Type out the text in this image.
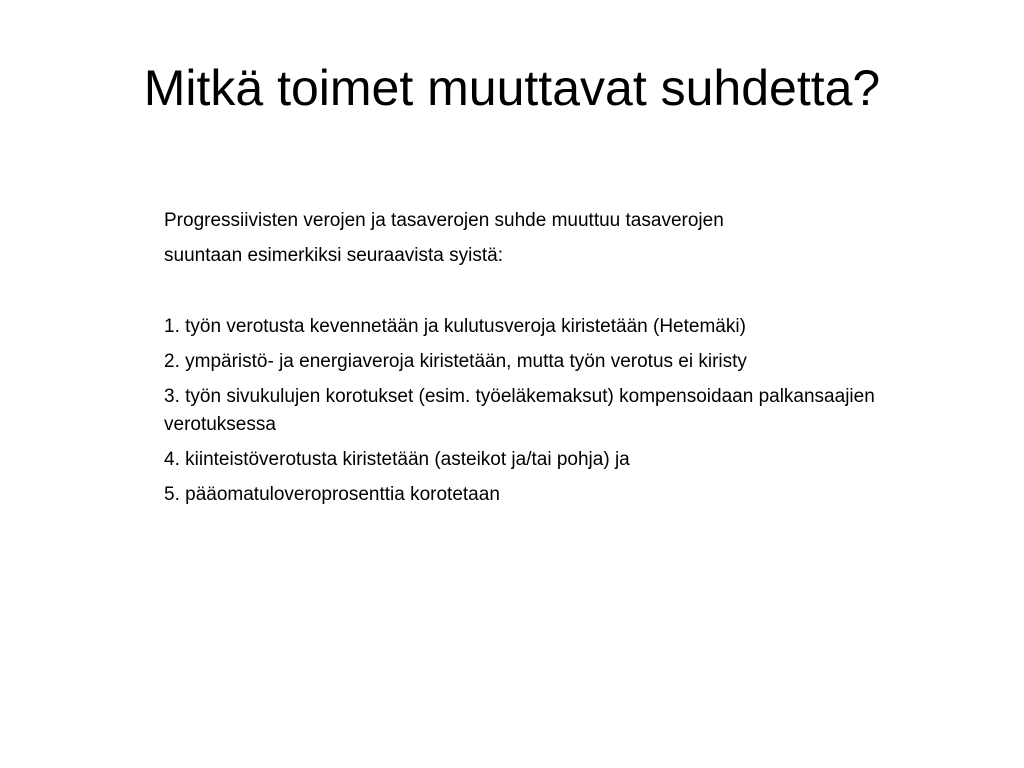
Mitkä toimet muuttavat suhdetta?

Progressiivisten verojen ja tasaverojen suhde muuttuu tasaverojen

suuntaan esimerkiksi seuraavista syistä:

1. työn verotusta kevennetään ja kulutusveroja kiristetään (Hetemäki)

2. ympäristö- ja energiaveroja kiristetään, mutta työn verotus ei kiristy

3. työn sivukulujen korotukset (esim. työeläkemaksut) kompensoidaan palkansaajien verotuksessa

4. kiinteistöverotusta kiristetään (asteikot ja/tai pohja) ja

5. pääomatuloveroprosenttia korotetaan
